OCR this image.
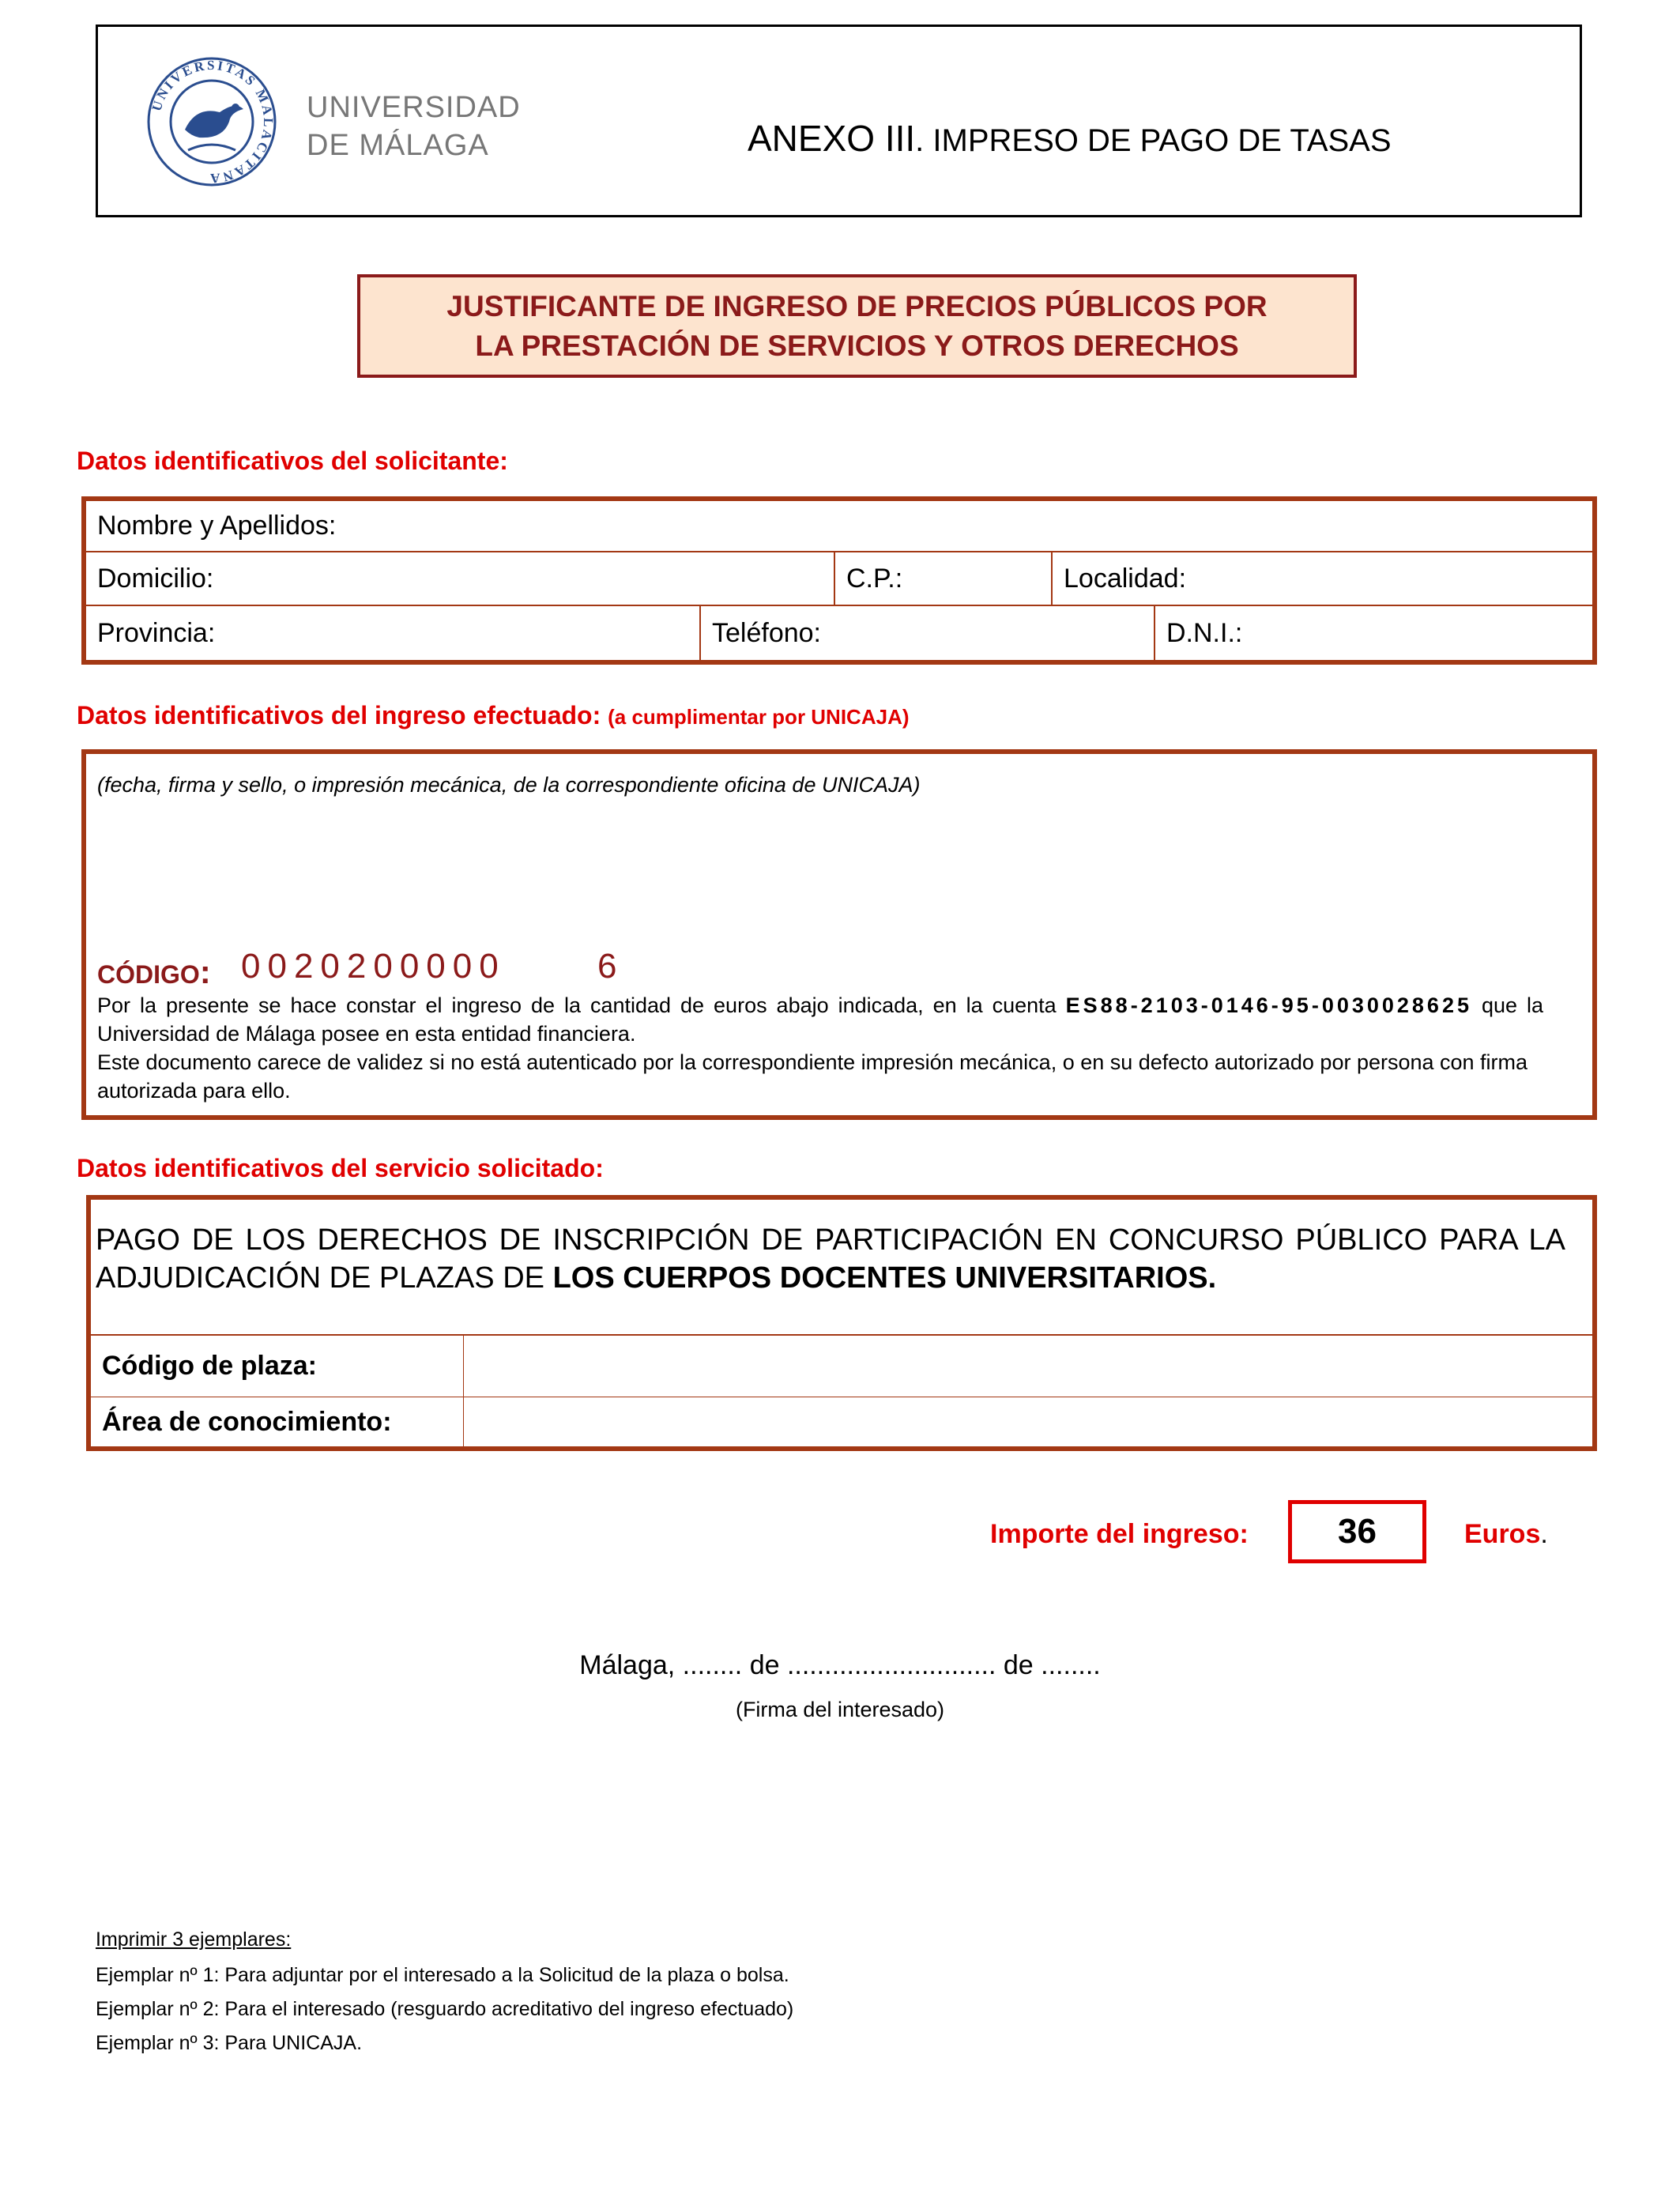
UNIVERSITAS MALACITANA
UNIVERSIDAD
DE MÁLAGA	ANEXO III. IMPRESO DE PAGO DE TASAS
JUSTIFICANTE DE INGRESO DE PRECIOS PÚBLICOS POR
LA PRESTACIÓN DE SERVICIOS Y OTROS DERECHOS
Datos identificativos del solicitante:
Nombre y Apellidos:
Domicilio:	C.P.:	Localidad:
Provincia:	Teléfono:	D.N.I.:
Datos identificativos del ingreso efectuado: (a cumplimentar por UNICAJA)
(fecha, firma y sello, o impresión mecánica, de la correspondiente oficina de UNICAJA)
CÓDIGO: 0020200000	6
Por la presente se hace constar el ingreso de la cantidad de euros abajo indicada, en la cuenta ES88-2103-0146-95-0030028625 que la Universidad de Málaga posee en esta entidad financiera.
Este documento carece de validez si no está autenticado por la correspondiente impresión mecánica, o en su defecto autorizado por persona con firma autorizada para ello.
Datos identificativos del servicio solicitado:
PAGO DE LOS DERECHOS DE INSCRIPCIÓN DE PARTICIPACIÓN EN CONCURSO PÚBLICO PARA LA ADJUDICACIÓN DE PLAZAS DE LOS CUERPOS DOCENTES UNIVERSITARIOS.
Código de plaza:
Área de conocimiento:
Importe del ingreso:	36	Euros.
Málaga, ........ de ............................ de ........
(Firma del interesado)
Imprimir 3 ejemplares:
Ejemplar nº 1: Para adjuntar por el interesado a la Solicitud de la plaza o bolsa.
Ejemplar nº 2: Para el interesado (resguardo acreditativo del ingreso efectuado)
Ejemplar nº 3: Para UNICAJA.
